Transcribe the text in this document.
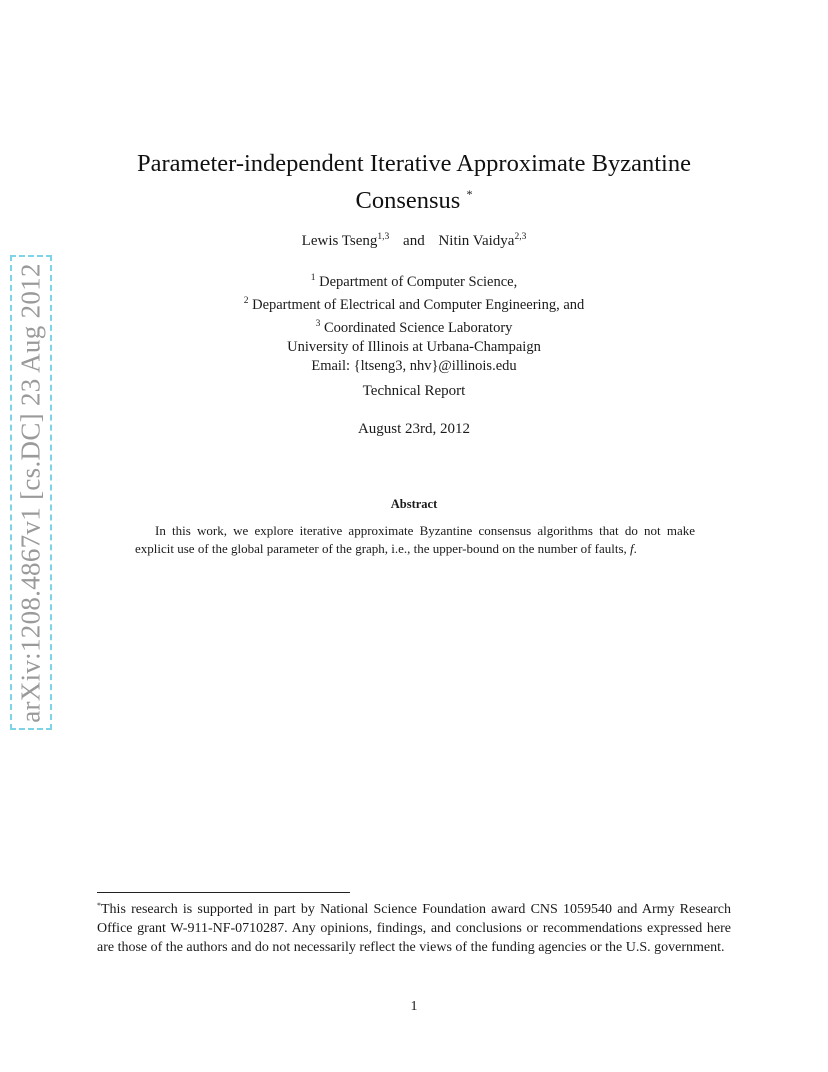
arXiv:1208.4867v1 [cs.DC] 23 Aug 2012
Parameter-independent Iterative Approximate Byzantine
Consensus *
Lewis Tseng$^{1,3}$ and Nitin Vaidya$^{2,3}$
$^1$ Department of Computer Science,
$^2$ Department of Electrical and Computer Engineering, and
$^3$ Coordinated Science Laboratory
University of Illinois at Urbana-Champaign
Email: {ltseng3, nhv}@illinois.edu
Technical Report
August 23rd, 2012
Abstract
In this work, we explore iterative approximate Byzantine consensus algorithms that do not make explicit use of the global parameter of the graph, i.e., the upper-bound on the number of faults, f.
*This research is supported in part by National Science Foundation award CNS 1059540 and Army Research Office grant W-911-NF-0710287. Any opinions, findings, and conclusions or recommendations expressed here are those of the authors and do not necessarily reflect the views of the funding agencies or the U.S. government.
1
